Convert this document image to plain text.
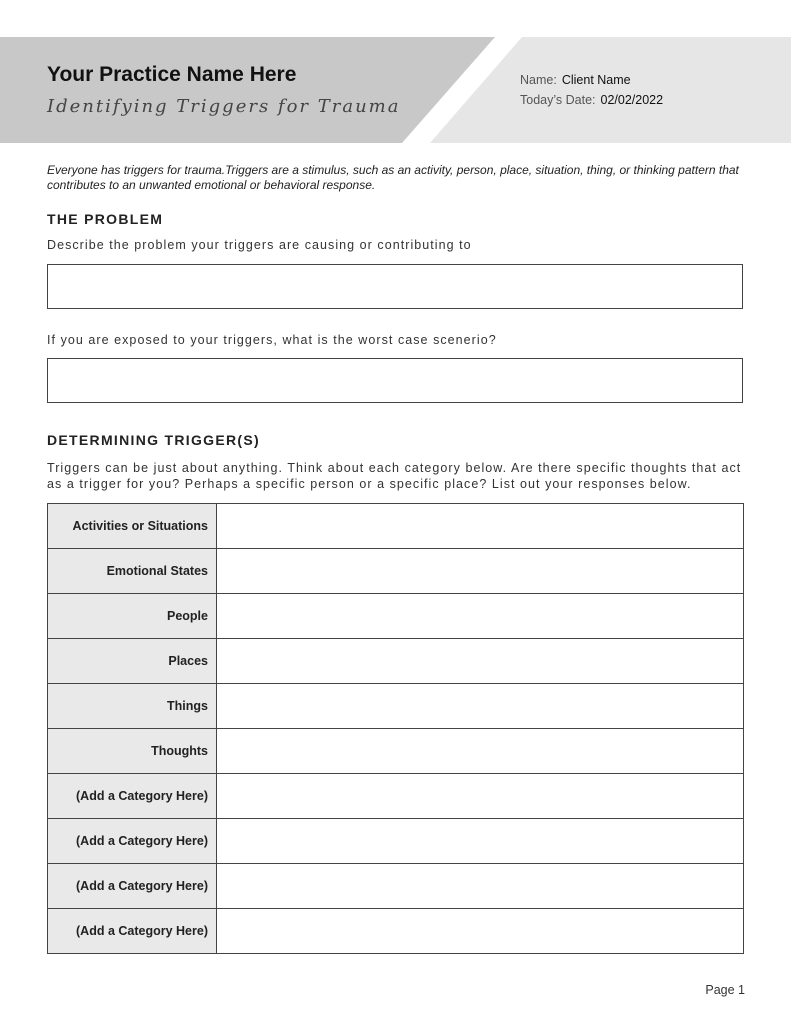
Your Practice Name Here
Identifying Triggers for Trauma
Name: Client Name
Today’s Date: 02/02/2022

Everyone has triggers for trauma.Triggers are a stimulus, such as an activity, person, place, situation, thing, or thinking pattern that contributes to an unwanted emotional or behavioral response.

THE PROBLEM

Describe the problem your triggers are causing or contributing to

If you are exposed to your triggers, what is the worst case scenerio?

DETERMINING TRIGGER(S)

Triggers can be just about anything. Think about each category below. Are there specific thoughts that act as a trigger for you? Perhaps a specific person or a specific place? List out your responses below.

Activities or Situations	
Emotional States	
People	
Places	
Things	
Thoughts	
(Add a Category Here)	
(Add a Category Here)	
(Add a Category Here)	
(Add a Category Here)	
Page 1
